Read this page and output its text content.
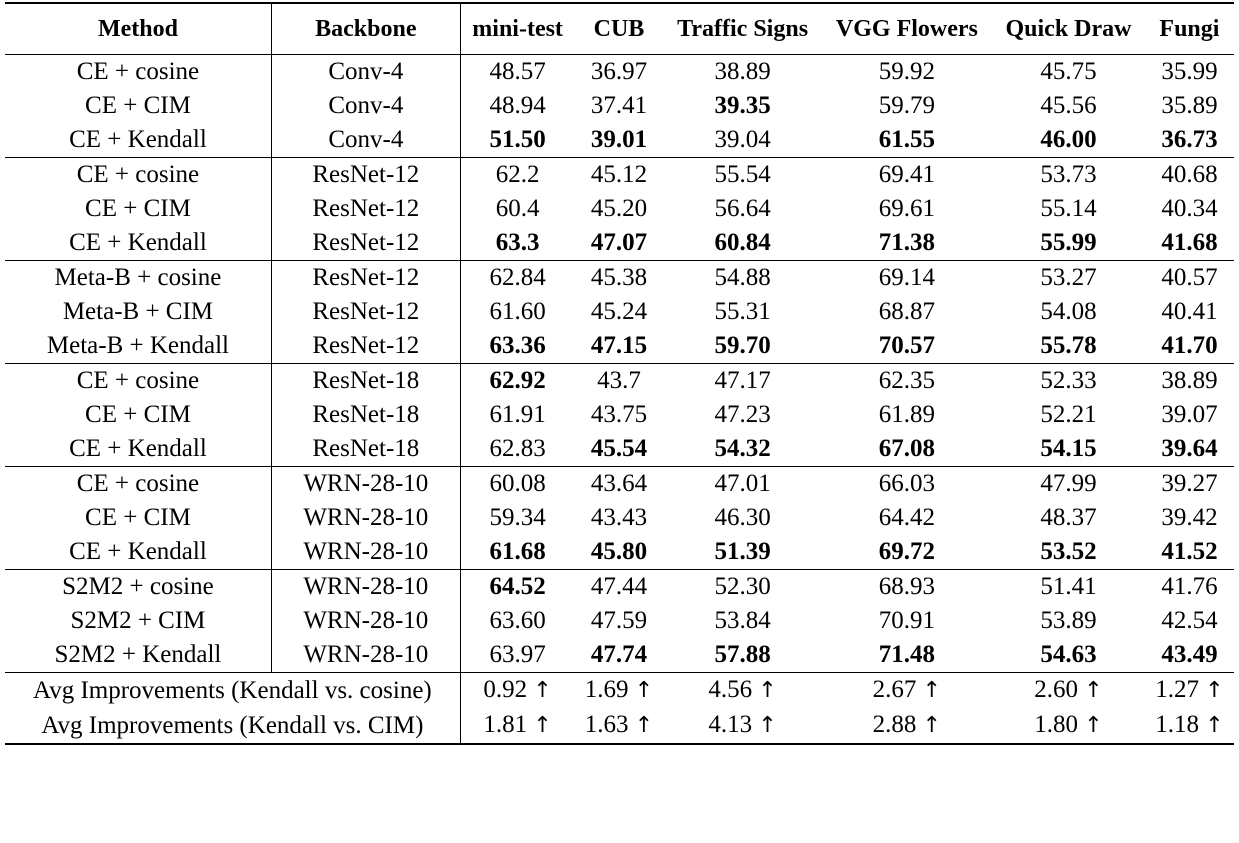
Method	Backbone	mini-test	CUB	Traffic Signs	VGG Flowers	Quick Draw	Fungi
CE + cosine	Conv-4	48.57	36.97	38.89	59.92	45.75	35.99
CE + CIM	Conv-4	48.94	37.41	39.35	59.79	45.56	35.89
CE + Kendall	Conv-4	51.50	39.01	39.04	61.55	46.00	36.73
CE + cosine	ResNet-12	62.2	45.12	55.54	69.41	53.73	40.68
CE + CIM	ResNet-12	60.4	45.20	56.64	69.61	55.14	40.34
CE + Kendall	ResNet-12	63.3	47.07	60.84	71.38	55.99	41.68
Meta-B + cosine	ResNet-12	62.84	45.38	54.88	69.14	53.27	40.57
Meta-B + CIM	ResNet-12	61.60	45.24	55.31	68.87	54.08	40.41
Meta-B + Kendall	ResNet-12	63.36	47.15	59.70	70.57	55.78	41.70
CE + cosine	ResNet-18	62.92	43.7	47.17	62.35	52.33	38.89
CE + CIM	ResNet-18	61.91	43.75	47.23	61.89	52.21	39.07
CE + Kendall	ResNet-18	62.83	45.54	54.32	67.08	54.15	39.64
CE + cosine	WRN-28-10	60.08	43.64	47.01	66.03	47.99	39.27
CE + CIM	WRN-28-10	59.34	43.43	46.30	64.42	48.37	39.42
CE + Kendall	WRN-28-10	61.68	45.80	51.39	69.72	53.52	41.52
S2M2 + cosine	WRN-28-10	64.52	47.44	52.30	68.93	51.41	41.76
S2M2 + CIM	WRN-28-10	63.60	47.59	53.84	70.91	53.89	42.54
S2M2 + Kendall	WRN-28-10	63.97	47.74	57.88	71.48	54.63	43.49
Avg Improvements (Kendall vs. cosine)		0.92 ↑	1.69 ↑	4.56 ↑	2.67 ↑	2.60 ↑	1.27 ↑
Avg Improvements (Kendall vs. CIM)		1.81 ↑	1.63 ↑	4.13 ↑	2.88 ↑	1.80 ↑	1.18 ↑
